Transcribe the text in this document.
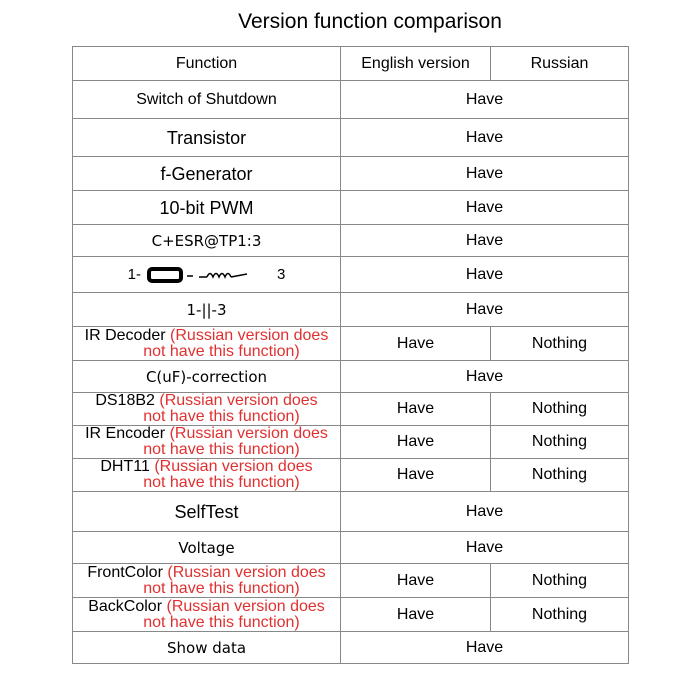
Version function comparison
Function	English version	Russian

Switch of Shutdown	Have	

Transistor	Have	

f-Generator	Have	

10-bit PWM	Have	

C+ESR@TP1:3	Have	

1- 3	Have	

1-||-3	Have	

IR Decoder (Russian version does
not have this function)	Have	Nothing

C(uF)-correction	Have	

DS18B2 (Russian version does
not have this function)	Have	Nothing

IR Encoder (Russian version does
not have this function)	Have	Nothing

DHT11 (Russian version does
not have this function)	Have	Nothing

SelfTest	Have	

Voltage	Have	

FrontColor (Russian version does
not have this function)	Have	Nothing

BackColor (Russian version does
not have this function)	Have	Nothing

Show data	Have	
